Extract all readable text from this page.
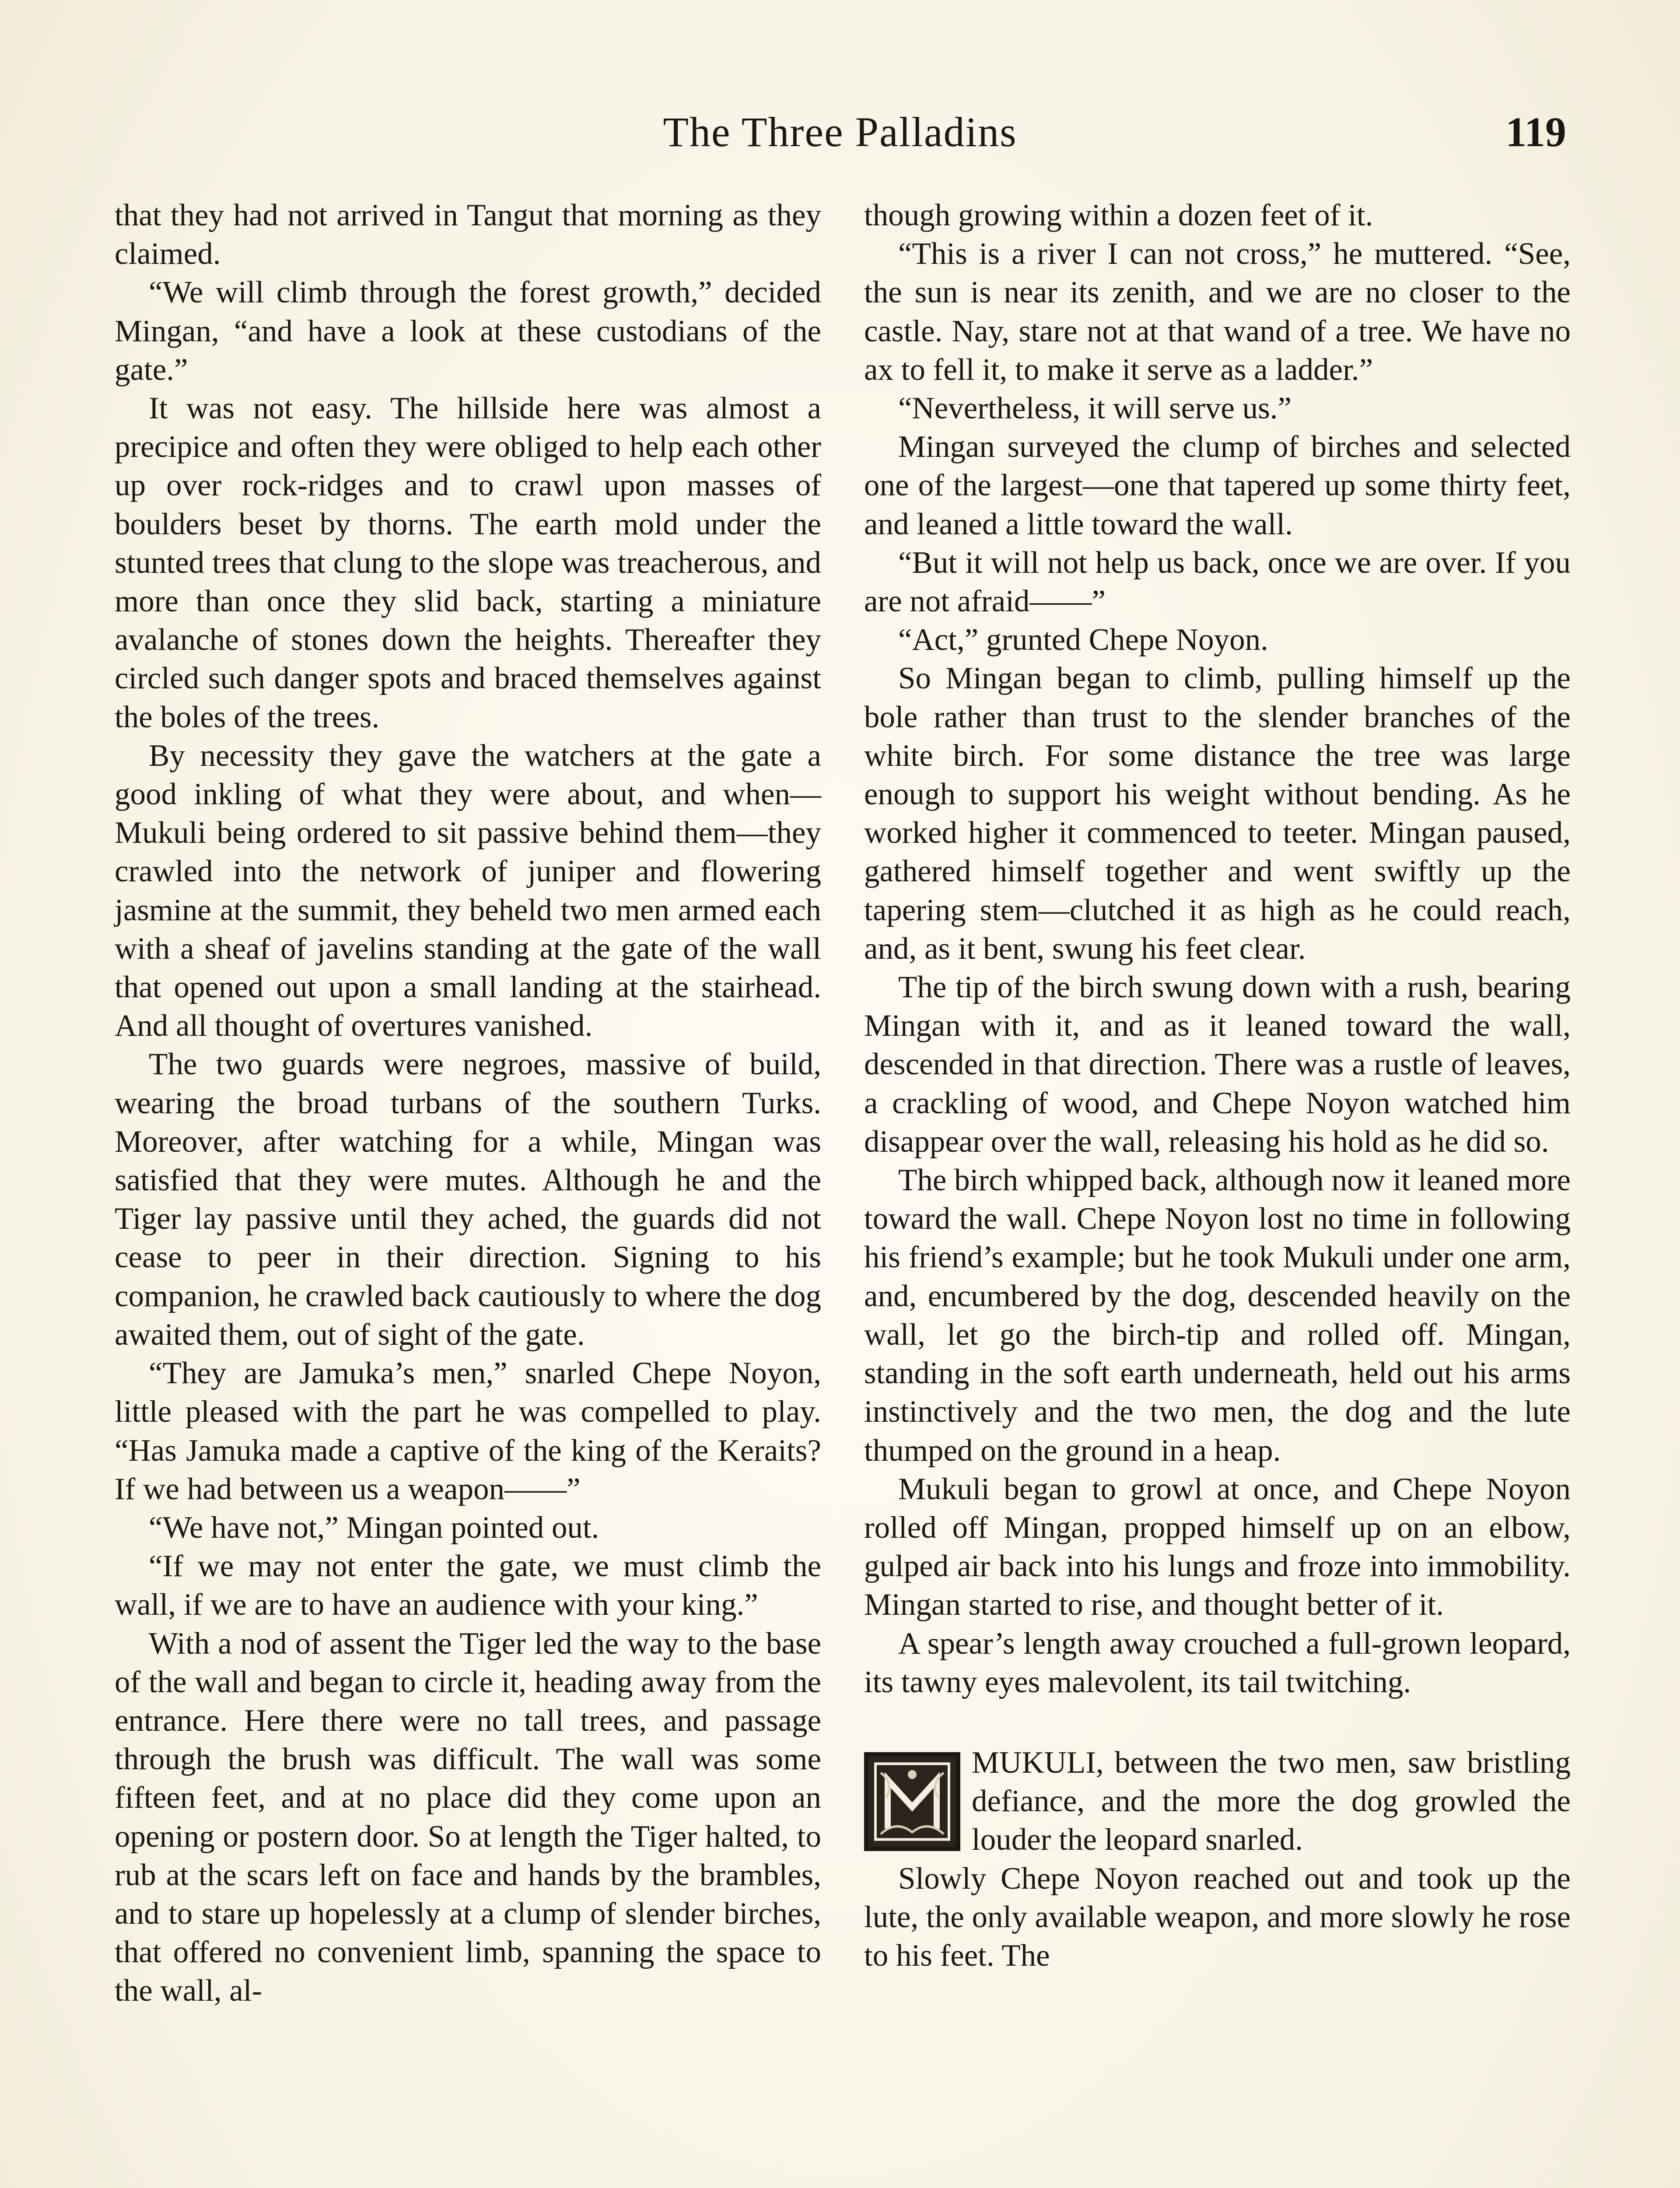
The Three Palladins	119

that they had not arrived in Tangut that morning as they claimed.

“We will climb through the forest growth,” decided Mingan, “and have a look at these custodians of the gate.”

It was not easy. The hillside here was almost a precipice and often they were obliged to help each other up over rock-ridges and to crawl upon masses of boulders beset by thorns. The earth mold under the stunted trees that clung to the slope was treacherous, and more than once they slid back, starting a miniature avalanche of stones down the heights. Thereafter they circled such danger spots and braced themselves against the boles of the trees.

By necessity they gave the watchers at the gate a good inkling of what they were about, and when—Mukuli being ordered to sit passive behind them—they crawled into the network of juniper and flowering jasmine at the summit, they beheld two men armed each with a sheaf of javelins standing at the gate of the wall that opened out upon a small landing at the stairhead. And all thought of overtures vanished.

The two guards were negroes, massive of build, wearing the broad turbans of the southern Turks. Moreover, after watching for a while, Mingan was satisfied that they were mutes. Although he and the Tiger lay passive until they ached, the guards did not cease to peer in their direction. Signing to his companion, he crawled back cautiously to where the dog awaited them, out of sight of the gate.

“They are Jamuka’s men,” snarled Chepe Noyon, little pleased with the part he was compelled to play. “Has Jamuka made a captive of the king of the Keraits? If we had between us a weapon——”

“We have not,” Mingan pointed out.

“If we may not enter the gate, we must climb the wall, if we are to have an audience with your king.”

With a nod of assent the Tiger led the way to the base of the wall and began to circle it, heading away from the entrance. Here there were no tall trees, and passage through the brush was difficult. The wall was some fifteen feet, and at no place did they come upon an opening or postern door. So at length the Tiger halted, to rub at the scars left on face and hands by the brambles, and to stare up hopelessly at a clump of slender birches, that offered no convenient limb, spanning the space to the wall, al-

though growing within a dozen feet of it.

“This is a river I can not cross,” he muttered. “See, the sun is near its zenith, and we are no closer to the castle. Nay, stare not at that wand of a tree. We have no ax to fell it, to make it serve as a ladder.”

“Nevertheless, it will serve us.”

Mingan surveyed the clump of birches and selected one of the largest—one that tapered up some thirty feet, and leaned a little toward the wall.

“But it will not help us back, once we are over. If you are not afraid——”

“Act,” grunted Chepe Noyon.

So Mingan began to climb, pulling himself up the bole rather than trust to the slender branches of the white birch. For some distance the tree was large enough to support his weight without bending. As he worked higher it commenced to teeter. Mingan paused, gathered himself together and went swiftly up the tapering stem—clutched it as high as he could reach, and, as it bent, swung his feet clear.

The tip of the birch swung down with a rush, bearing Mingan with it, and as it leaned toward the wall, descended in that direction. There was a rustle of leaves, a crackling of wood, and Chepe Noyon watched him disappear over the wall, releasing his hold as he did so.

The birch whipped back, although now it leaned more toward the wall. Chepe Noyon lost no time in following his friend’s example; but he took Mukuli under one arm, and, encumbered by the dog, descended heavily on the wall, let go the birch-tip and rolled off. Mingan, standing in the soft earth underneath, held out his arms instinctively and the two men, the dog and the lute thumped on the ground in a heap.

Mukuli began to growl at once, and Chepe Noyon rolled off Mingan, propped himself up on an elbow, gulped air back into his lungs and froze into immobility. Mingan started to rise, and thought better of it.

A spear’s length away crouched a full-grown leopard, its tawny eyes malevolent, its tail twitching.

MUKULI, between the two men, saw bristling defiance, and the more the dog growled the louder the leopard snarled.

Slowly Chepe Noyon reached out and took up the lute, the only available weapon, and more slowly he rose to his feet. The
